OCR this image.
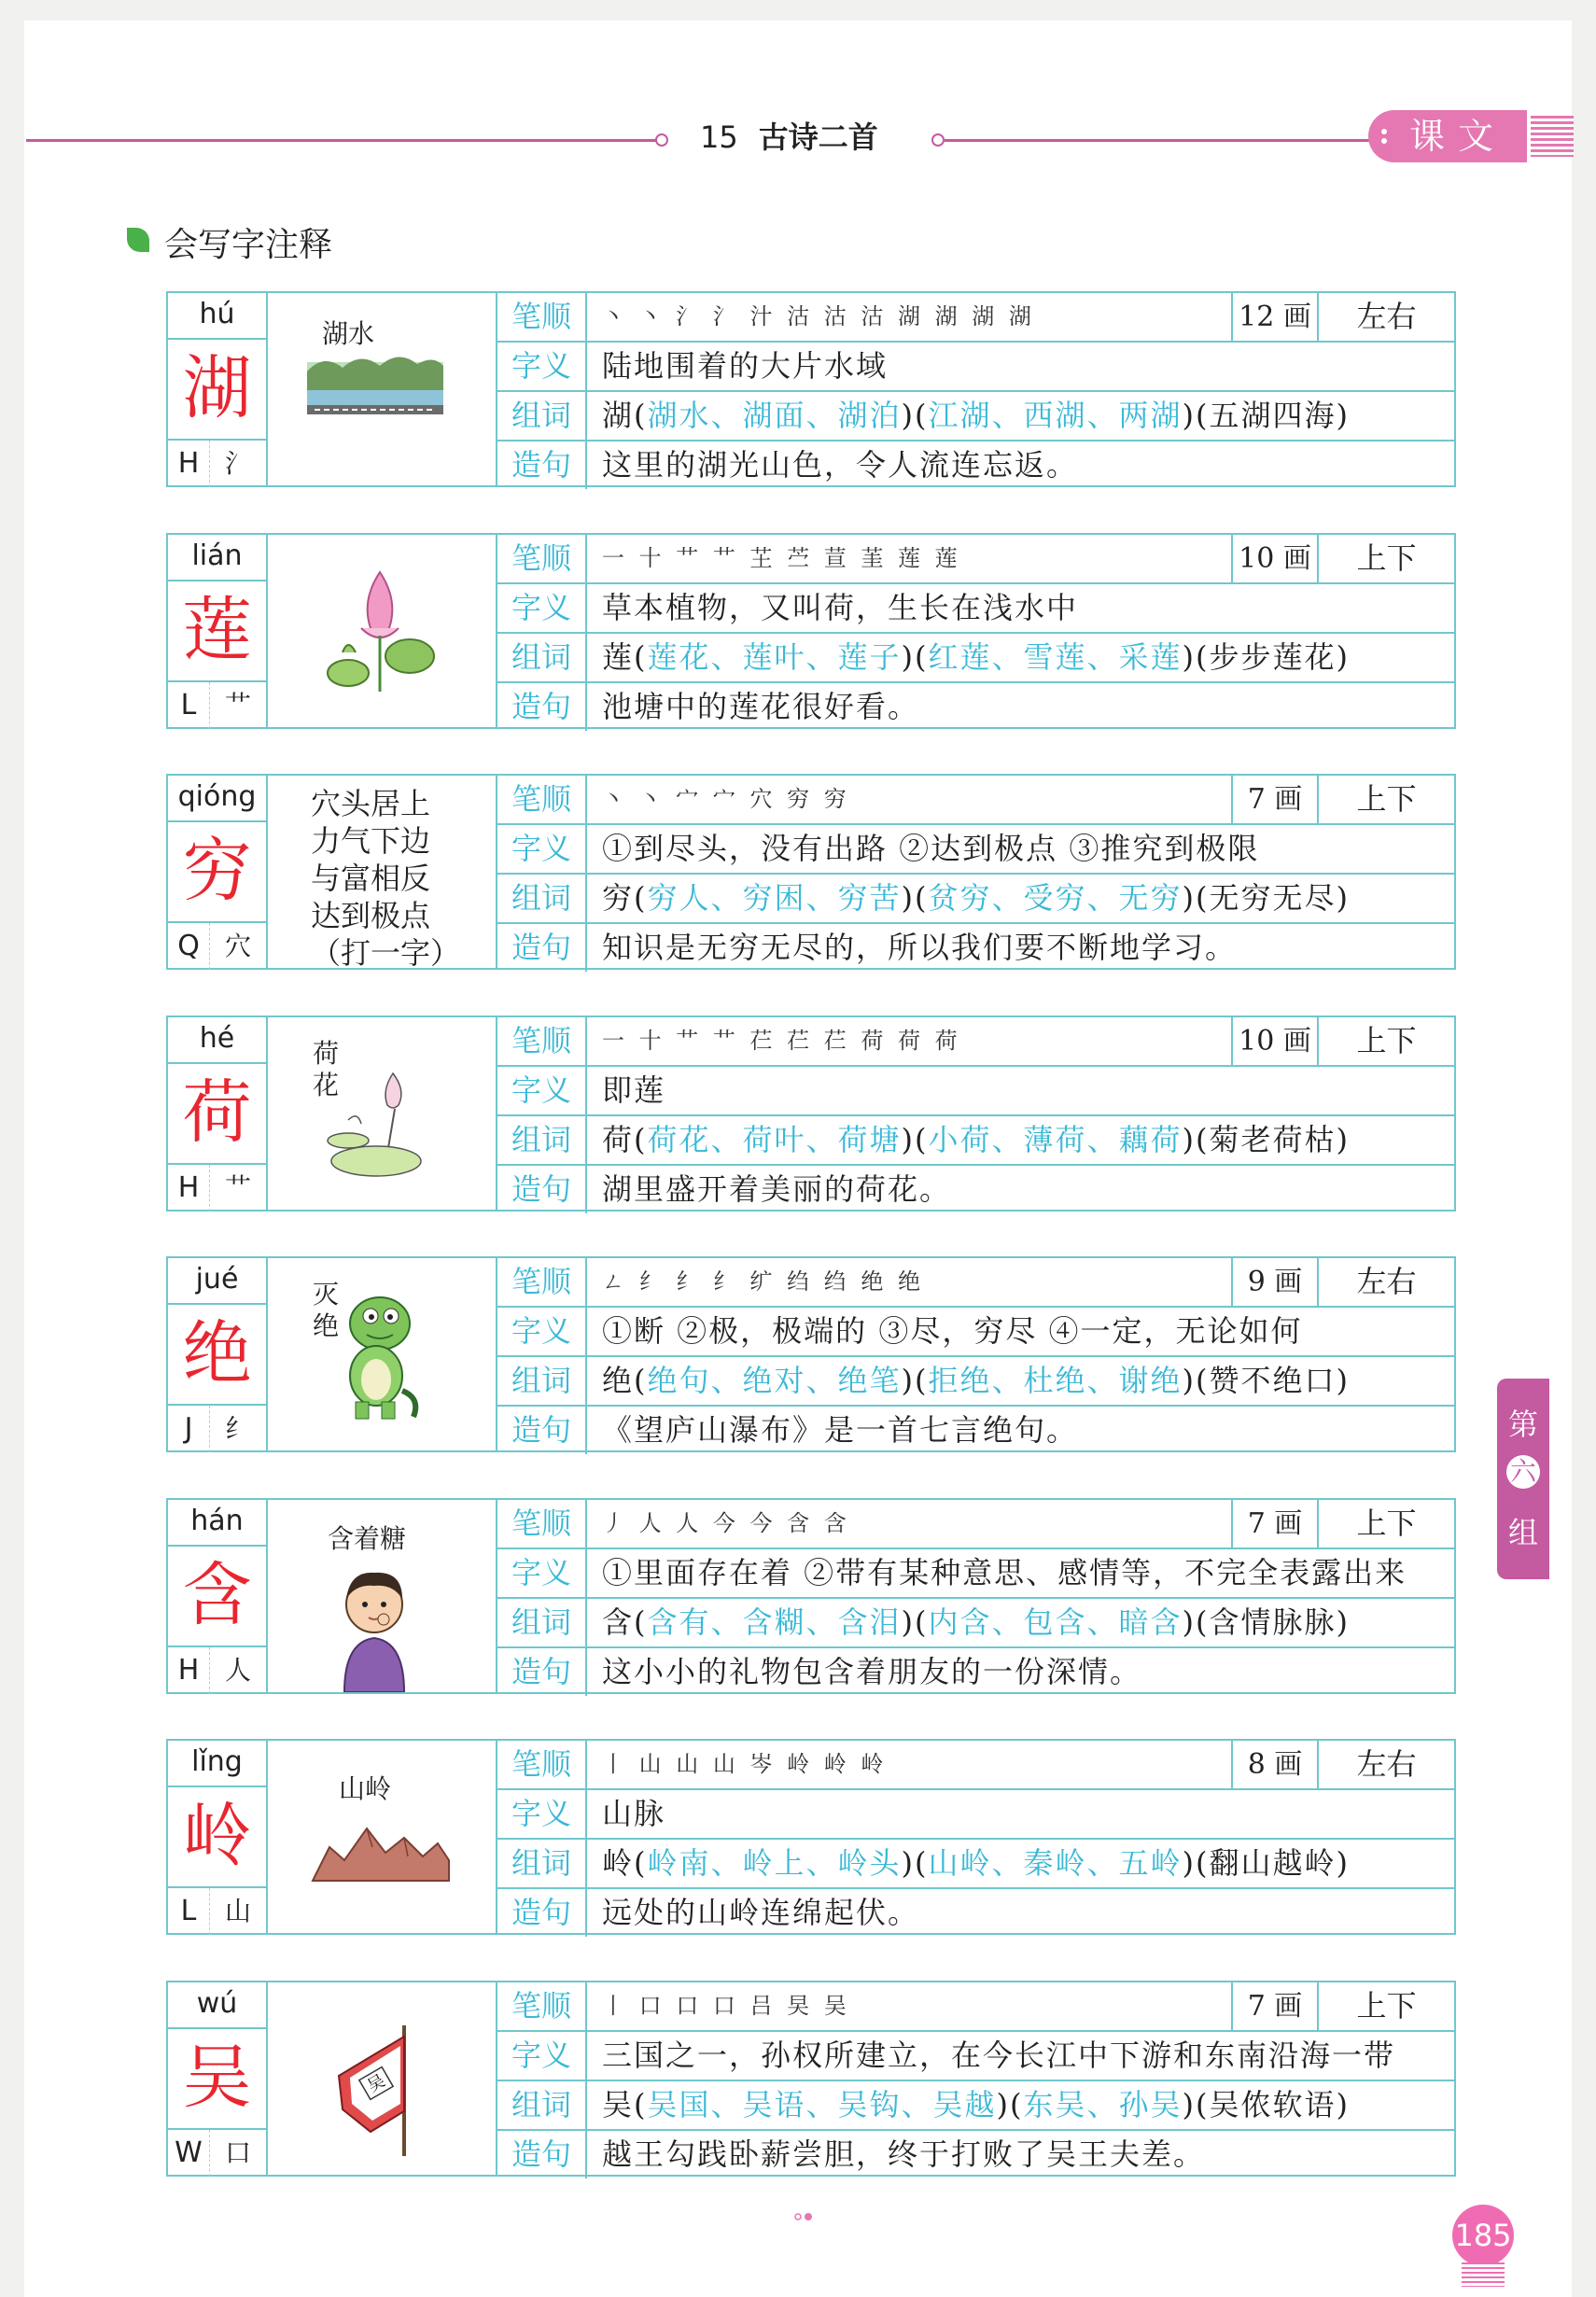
15 古诗二首	课文
会写字注释
hú
湖
H 氵
湖水	笔顺	丶 丶 氵 氵 汁 沽 沽 沽 湖 湖 湖 湖	12 画	左右
字义	陆地围着的大片水域
组词	湖(湖水、湖面、湖泊)(江湖、西湖、两湖)(五湖四海)
造句	这里的湖光山色，令人流连忘返。
lián
莲
L	艹
笔顺	一 十 艹 艹 芏 苎 荁 茥 莲 莲	10 画	上下
字义	草本植物，又叫荷，生长在浅水中
组词	莲(莲花、莲叶、莲子)(红莲、雪莲、采莲)(步步莲花)
造句	池塘中的莲花很好看。
qióng
穷
Q 穴
穴头居上
力气下边
与富相反
达到极点
（打一字）
笔顺	丶 丶 宀 宀 穴 穷 穷	7 画	上下
字义	①到尽头，没有出路 ②达到极点 ③推究到极限
组词	穷(穷人、穷困、穷苦)(贫穷、受穷、无穷)(无穷无尽)
造句	知识是无穷无尽的，所以我们要不断地学习。
hé
荷
H 艹
荷花
笔顺	一 十 艹 艹 芢 芢 芢 荷 荷 荷	10 画	上下
字义	即莲
组词	荷(荷花、荷叶、荷塘)(小荷、薄荷、藕荷)(菊老荷枯)
造句	湖里盛开着美丽的荷花。
jué
绝
J	纟
灭绝
笔顺	ㄥ 纟 纟 纟 纩 绉 绉 绝 绝	9 画	左右
字义	①断 ②极，极端的 ③尽，穷尽 ④一定，无论如何
组词	绝(绝句、绝对、绝笔)(拒绝、杜绝、谢绝)(赞不绝口)
造句	《望庐山瀑布》是一首七言绝句。
hán
含
H 人
含着糖	笔顺	丿 人 人 今 今 含 含	7 画	上下
字义	①里面存在着 ②带有某种意思、感情等，不完全表露出来
组词	含(含有、含糊、含泪)(内含、包含、暗含)(含情脉脉)
造句	这小小的礼物包含着朋友的一份深情。
lǐng
岭
L	山
山岭
笔顺	丨 山 山 山 岑 岭 岭 岭	8 画	左右
字义	山脉
组词	岭(岭南、岭上、岭头)(山岭、秦岭、五岭)(翻山越岭)
造句	远处的山岭连绵起伏。
wú
吴
W 口
吴
笔顺	丨 口 口 口 吕 旲 吴	7 画	上下
字义	三国之一，孙权所建立，在今长江中下游和东南沿海一带
组词	吴(吴国、吴语、吴钩、吴越)(东吴、孙吴)(吴侬软语)
造句	越王勾践卧薪尝胆，终于打败了吴王夫差。
第
六
组
185
